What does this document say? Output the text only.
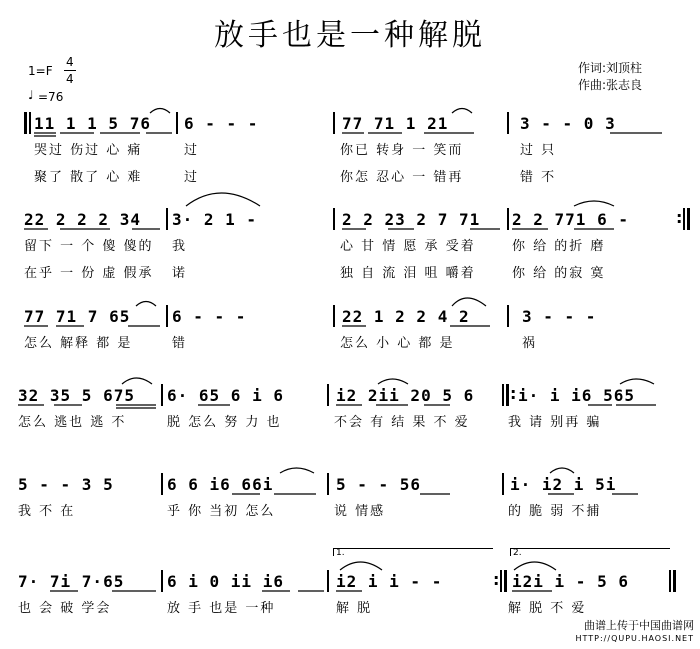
放手也是一种解脱
作词:刘顶柱
作曲:张志良
1=F
4
4
♩ =76
11 1 1 5 76 6 - - -	77 71 1 21	3 - - 0 3
哭过 伤过 心 痛	过	你已 转身 一 笑而	过 只
聚了 散了 心 难	过	你怎 忍心 一 错再	错 不
22 2 2 2 34 3· 2 1 -	2 2 23 2 7 71 2 2 771 6 -	:
留下 一 个 傻 傻的 我	心 甘 情 愿 承 受着	你 给 的折 磨
在乎 一 份 虚 假承 诺	独 自 流 泪 咀 嚼着	你 给 的寂 寞
77 71 7 65	6 - - -	22 1 2 2 4 2	3 - - -
怎么 解释 都 是	错	怎么 小 心 都 是	祸
32 35 5 675 6· 65 6 i 6	i2 2ii 20 5 6 : i· i i6 565
怎么 逃也 逃 不	脱 怎么 努 力 也	不会 有 结 果 不 爱	我 请 别再 骗
5 - - 3 5	6 6 i6 66i	5 - - 56	i· i2 i 5i
我 不 在	乎 你 当初 怎么	说 情感	的 脆 弱 不捕
7· 7i 7·65	6 i 0 ii i6	i2 i i - -	: i2i i - 5 6
也 会 破 学会	放 手 也是 一种	解 脱	解 脱 不 爱
1.	2.
曲谱上传于中国曲谱网
HTTP://QUPU.HAOSI.NET
